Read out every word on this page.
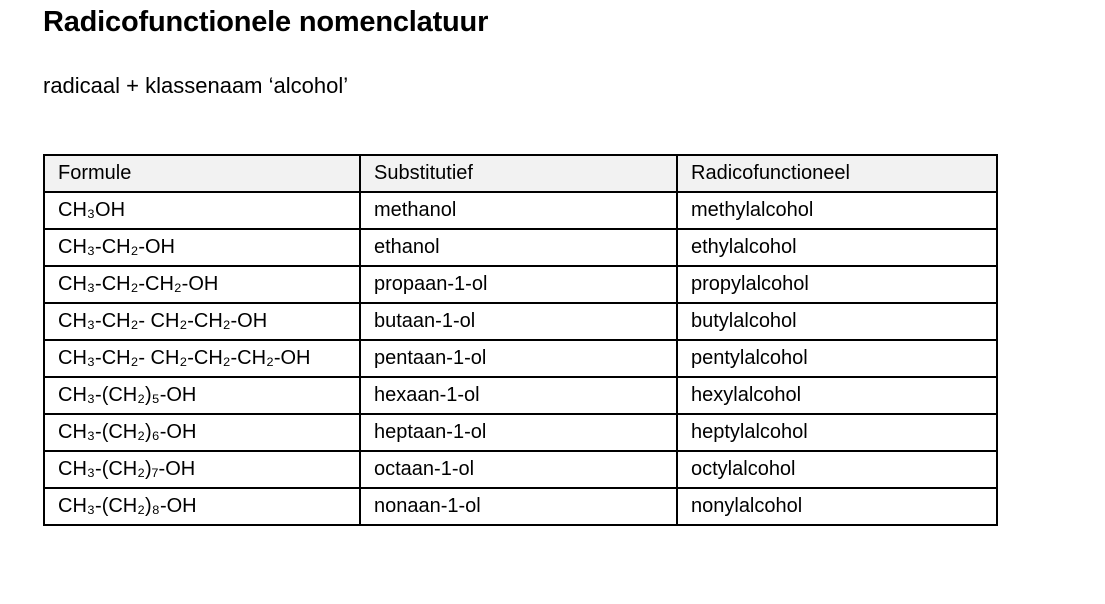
Radicofunctionele nomenclatuur
radicaal + klassenaam ‘alcohol’
Formule	Substitutief	Radicofunctioneel
CH₃OH	methanol	methylalcohol
CH₃-CH₂-OH	ethanol	ethylalcohol
CH₃-CH₂-CH₂-OH	propaan-1-ol	propylalcohol
CH₃-CH₂- CH₂-CH₂-OH	butaan-1-ol	butylalcohol
CH₃-CH₂- CH₂-CH₂-CH₂-OH	pentaan-1-ol	pentylalcohol
CH₃-(CH₂)₅-OH	hexaan-1-ol	hexylalcohol
CH₃-(CH₂)₆-OH	heptaan-1-ol	heptylalcohol
CH₃-(CH₂)₇-OH	octaan-1-ol	octylalcohol
CH₃-(CH₂)₈-OH	nonaan-1-ol	nonylalcohol
